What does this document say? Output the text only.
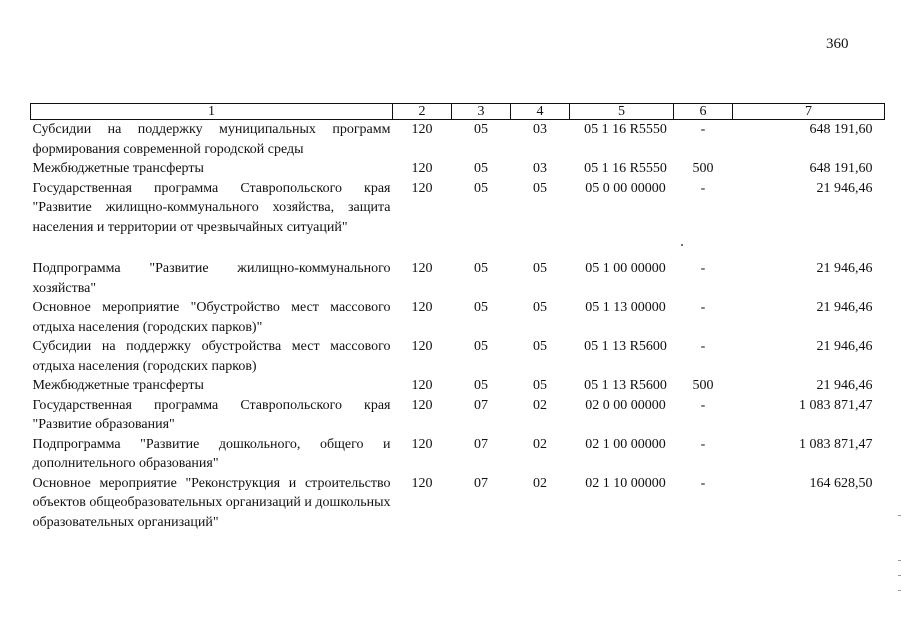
360
1	2	3	4	5	6	7
Субсидии на поддержку муниципальных программ формирования современной городской среды	120	05	03	05 1 16 R5550	-	648 191,60
Межбюджетные трансферты	120	05	03	05 1 16 R5550	500	648 191,60
Государственная программа Ставропольского края "Развитие жилищно-коммунального хозяйства, защита населения и территории от чрезвычайных ситуаций"	120	05	05	05 0 00 00000	-	21 946,46
Подпрограмма "Развитие жилищно-коммунального хозяйства"	120	05	05	05 1 00 00000	-	21 946,46
Основное мероприятие "Обустройство мест массового отдыха населения (городских парков)"	120	05	05	05 1 13 00000	-	21 946,46
Субсидии на поддержку обустройства мест массового отдыха населения (городских парков)	120	05	05	05 1 13 R5600	-	21 946,46
Межбюджетные трансферты	120	05	05	05 1 13 R5600	500	21 946,46
Государственная программа Ставропольского края "Развитие образования"	120	07	02	02 0 00 00000	-	1 083 871,47
Подпрограмма "Развитие дошкольного, общего и дополнительного образования"	120	07	02	02 1 00 00000	-	1 083 871,47
Основное мероприятие "Реконструкция и строительство объектов общеобразовательных организаций и дошкольных образовательных организаций"	120	07	02	02 1 10 00000	-	164 628,50
